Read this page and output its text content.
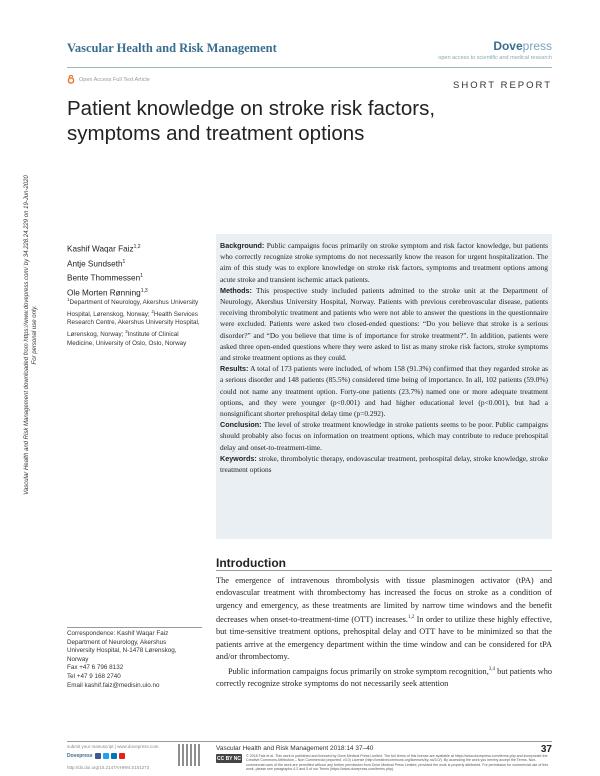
Vascular Health and Risk Management	Dovepress
open access to scientific and medical research
Open Access Full Text Article
SHORT REPORT
Patient knowledge on stroke risk factors, symptoms and treatment options
Vascular Health and Risk Management downloaded from https://www.dovepress.com/ by 34.228.24.229 on 19-Jun-2020 For personal use only.
Kashif Waqar Faiz$^{1,2}$
Antje Sundseth$^1$
Bente Thommessen$^1$
Ole Morten Rønning$^{1,3}$
$^1$Department of Neurology, Akershus University Hospital, Lørenskog, Norway; $^2$Health Services Research Centre, Akershus University Hospital, Lørenskog, Norway; $^3$Institute of Clinical Medicine, University of Oslo, Oslo, Norway
Correspondence: Kashif Waqar Faiz
Department of Neurology, Akershus
University Hospital, N-1478 Lørenskog,
Norway
Fax +47 6 796 8132
Tel +47 9 168 2740
Email kashif.faiz@medisin.uio.no
Background: Public campaigns focus primarily on stroke symptom and risk factor knowledge, but patients who correctly recognize stroke symptoms do not necessarily know the reason for urgent hospitalization. The aim of this study was to explore knowledge on stroke risk factors, symptoms and treatment options among acute stroke and transient ischemic attack patients.
Methods: This prospective study included patients admitted to the stroke unit at the Department of Neurology, Akershus University Hospital, Norway. Patients with previous cerebrovascular disease, patients receiving thrombolytic treatment and patients who were not able to answer the questions in the questionnaire were excluded. Patients were asked two closed-ended questions: “Do you believe that stroke is a serious disorder?” and “Do you believe that time is of importance for stroke treatment?”. In addition, patients were asked three open-ended questions where they were asked to list as many stroke risk factors, stroke symptoms and stroke treatment options as they could.
Results: A total of 173 patients were included, of whom 158 (91.3%) confirmed that they regarded stroke as a serious disorder and 148 patients (85.5%) considered time being of importance. In all, 102 patients (59.0%) could not name any treatment option. Forty-one patients (23.7%) named one or more adequate treatment options, and they were younger (p<0.001) and had higher educational level (p<0.001), but had a nonsignificant shorter prehospital delay time (p=0.292).
Conclusion: The level of stroke treatment knowledge in stroke patients seems to be poor. Public campaigns should probably also focus on information on treatment options, which may contribute to reduce prehospital delay and onset-to-treatment-time.
Keywords: stroke, thrombolytic therapy, endovascular treatment, prehospital delay, stroke knowledge, stroke treatment options
Introduction

The emergence of intravenous thrombolysis with tissue plasminogen activator (tPA) and endovascular treatment with thrombectomy has increased the focus on stroke as a condition of urgency and emergency, as these treatments are limited by narrow time windows and the benefit decreases when onset-to-treatment-time (OTT) increases.$^{1,2}$ In order to utilize these highly effective, but time-sensitive treatment options, prehospital delay and OTT have to be minimized so that the patients arrive at the emergency department within the time window and can be considered for tPA and/or thrombectomy.

Public information campaigns focus primarily on stroke symptom recognition,$^{3,4}$ but patients who correctly recognize stroke symptoms do not necessarily seek attention

submit your manuscript | www.dovepress.com
Dovepress
http://dx.doi.org/10.2147/VHRM.S151273
Vascular Health and Risk Management 2018:14 37–40	37
CC BY NC © 2018 Faiz et al. This work is published and licensed by Dove Medical Press Limited. The full terms of this license are available at https://www.dovepress.com/terms.php and incorporate the Creative Commons Attribution – Non Commercial (unported, v3.0) License (http://creativecommons.org/licenses/by-nc/3.0/). By accessing the work you hereby accept the Terms. Non-commercial uses of the work are permitted without any further permission from Dove Medical Press Limited, provided the work is properly attributed. For permission for commercial use of this work, please see paragraphs 4.2 and 5 of our Terms (https://www.dovepress.com/terms.php).
